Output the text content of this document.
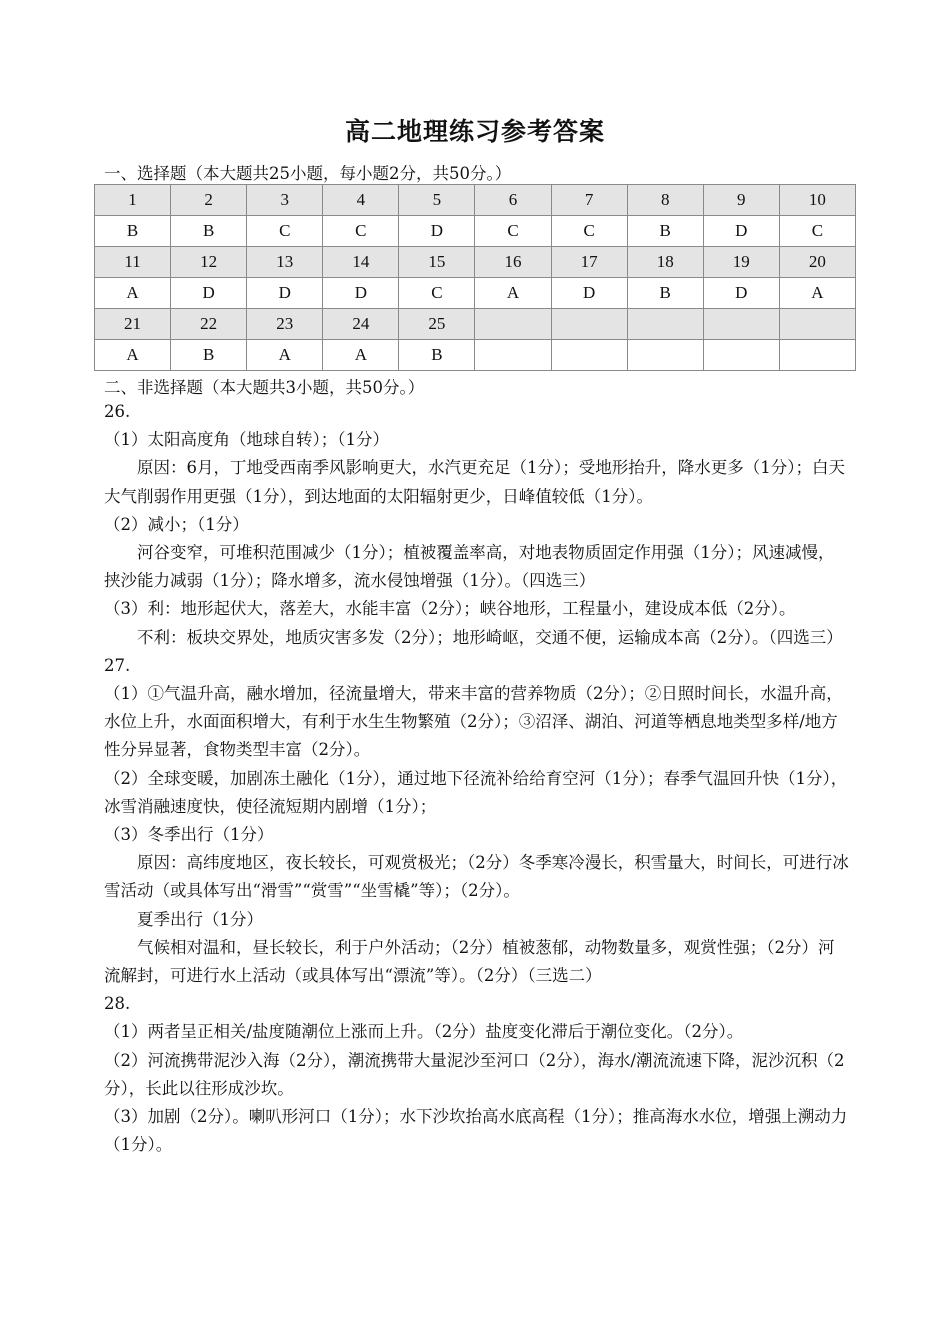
高二地理练习参考答案
一、选择题（本大题共25小题，每小题2分，共50分。）
1	2	3	4	5	6	7	8	9	10
B	B	C	C	D	C	C	B	D	C
11	12	13	14	15	16	17	18	19	20
A	D	D	D	C	A	D	B	D	A
21	22	23	24	25					
A	B	A	A	B					
二、非选择题（本大题共3小题，共50分。）

26.

（1）太阳高度角（地球自转）；（1分）

原因：6月，丁地受西南季风影响更大，水汽更充足（1分）；受地形抬升，降水更多（1分）；白天大气削弱作用更强（1分），到达地面的太阳辐射更少，日峰值较低（1分）。

（2）减小；（1分）

河谷变窄，可堆积范围减少（1分）；植被覆盖率高，对地表物质固定作用强（1分）；风速减慢，挟沙能力减弱（1分）；降水增多，流水侵蚀增强（1分）。（四选三）

（3）利：地形起伏大，落差大，水能丰富（2分）；峡谷地形，工程量小，建设成本低（2分）。

不利：板块交界处，地质灾害多发（2分）；地形崎岖，交通不便，运输成本高（2分）。（四选三）

27.

（1）①气温升高，融水增加，径流量增大，带来丰富的营养物质（2分）；②日照时间长，水温升高，水位上升，水面面积增大，有利于水生生物繁殖（2分）；③沼泽、湖泊、河道等栖息地类型多样/地方性分异显著，食物类型丰富（2分）。

（2）全球变暖，加剧冻土融化（1分），通过地下径流补给给育空河（1分）；春季气温回升快（1分），冰雪消融速度快，使径流短期内剧增（1分）；

（3）冬季出行（1分）

原因：高纬度地区，夜长较长，可观赏极光；（2分）冬季寒冷漫长，积雪量大，时间长，可进行冰雪活动（或具体写出“滑雪”“赏雪”“坐雪橇”等）；（2分）。

夏季出行（1分）

气候相对温和，昼长较长，利于户外活动；（2分）植被葱郁，动物数量多，观赏性强；（2分）河流解封，可进行水上活动（或具体写出“漂流”等）。（2分）（三选二）

28.

（1）两者呈正相关/盐度随潮位上涨而上升。（2分）盐度变化滞后于潮位变化。（2分）。

（2）河流携带泥沙入海（2分），潮流携带大量泥沙至河口（2分），海水/潮流流速下降，泥沙沉积（2分），长此以往形成沙坎。

（3）加剧（2分）。喇叭形河口（1分）；水下沙坎抬高水底高程（1分）；推高海水水位，增强上溯动力（1分）。
